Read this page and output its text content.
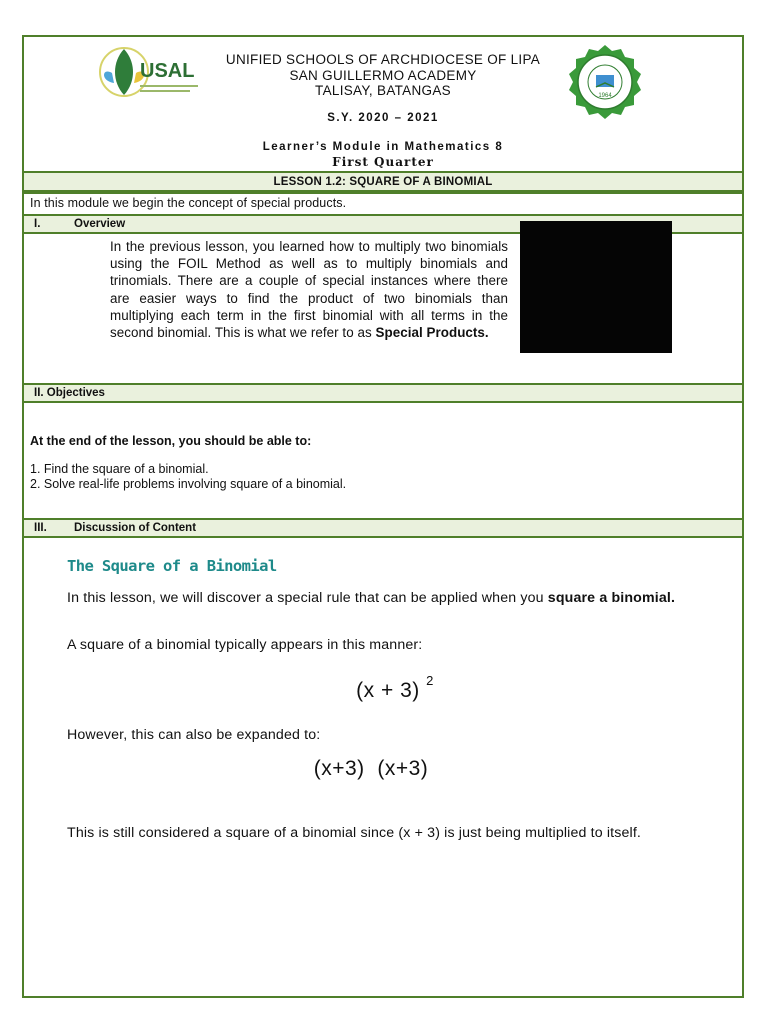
USAL
UNIFIED SCHOOLS OF ARCHDIOCESE OF LIPA
SAN GUILLERMO ACADEMY
TALISAY, BATANGAS	1964
S.Y. 2020 – 2021
Learner’s Module in Mathematics 8
First Quarter
LESSON 1.2: SQUARE OF A BINOMIAL
In this module we begin the concept of special products.
I.	Overview
In the previous lesson, you learned how to multiply two binomials using the FOIL Method as well as to multiply binomials and trinomials. There are a couple of special instances where there are easier ways to find the product of two binomials than multiplying each term in the first binomial with all terms in the second binomial. This is what we refer to as Special Products.
II. Objectives
At the end of the lesson, you should be able to:
1. Find the square of a binomial.
2. Solve real-life problems involving square of a binomial.
III. Discussion of Content
The Square of a Binomial
In this lesson, we will discover a special rule that can be applied when you square a binomial.
A square of a binomial typically appears in this manner:
(x + 3) $^2$
However, this can also be expanded to:
(x+3)  (x+3)
This is still considered a square of a binomial since (x + 3) is just being multiplied to itself.
